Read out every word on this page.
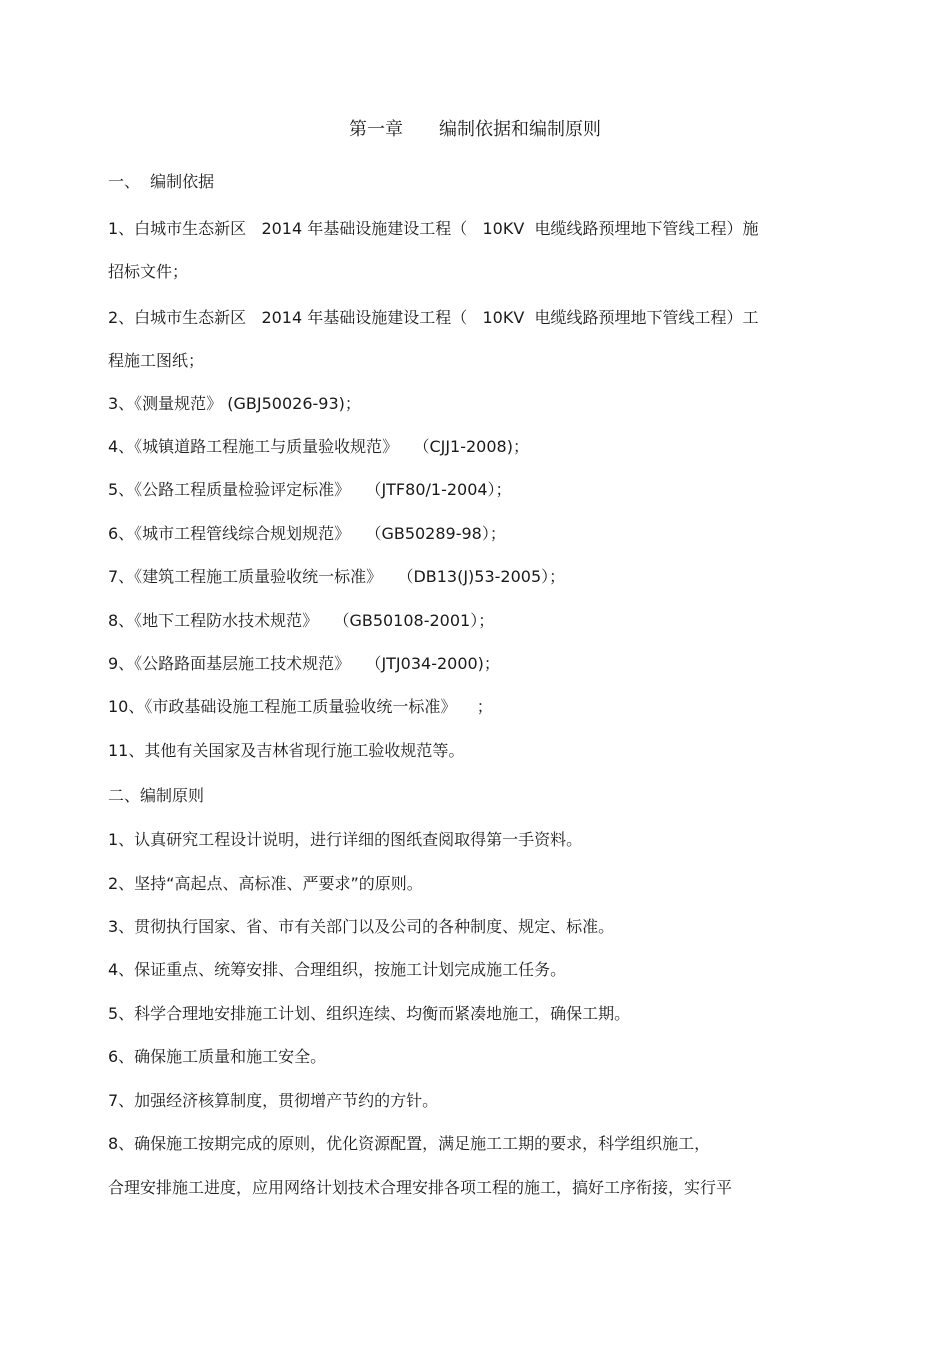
第一章　　编制依据和编制原则
一、  编制依据
1、白城市生态新区   2014 年基础设施建设工程（   10KV  电缆线路预埋地下管线工程）施
招标文件；
2、白城市生态新区   2014 年基础设施建设工程（   10KV  电缆线路预埋地下管线工程）工
程施工图纸；
3、《测量规范》 (GBJ50026-93)；
4、《城镇道路工程施工与质量验收规范》   （CJJ1-2008)；
5、《公路工程质量检验评定标准》   （JTF80/1-2004）；
6、《城市工程管线综合规划规范》   （GB50289-98）；
7、《建筑工程施工质量验收统一标准》   （DB13(J)53-2005）；
8、《地下工程防水技术规范》   （GB50108-2001）；
9、《公路路面基层施工技术规范》   （JTJ034-2000)；
10、《市政基础设施工程施工质量验收统一标准》    ；
11、其他有关国家及吉林省现行施工验收规范等。
二、编制原则
1、认真研究工程设计说明，进行详细的图纸查阅取得第一手资料。
2、坚持“高起点、高标准、严要求”的原则。
3、贯彻执行国家、省、市有关部门以及公司的各种制度、规定、标准。
4、保证重点、统筹安排、合理组织，按施工计划完成施工任务。
5、科学合理地安排施工计划、组织连续、均衡而紧凑地施工，确保工期。
6、确保施工质量和施工安全。
7、加强经济核算制度，贯彻增产节约的方针。
8、确保施工按期完成的原则，优化资源配置，满足施工工期的要求，科学组织施工，
合理安排施工进度，应用网络计划技术合理安排各项工程的施工，搞好工序衔接，实行平
